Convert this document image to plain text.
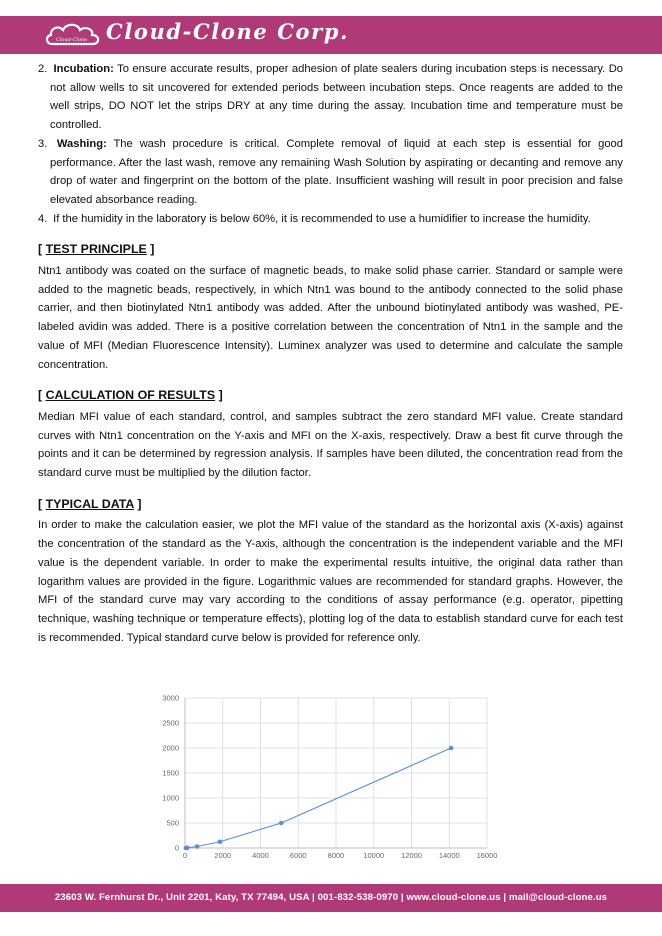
Cloud-Clone Cloud-Clone Corp.
2. Incubation: To ensure accurate results, proper adhesion of plate sealers during incubation steps is necessary. Do not allow wells to sit uncovered for extended periods between incubation steps. Once reagents are added to the well strips, DO NOT let the strips DRY at any time during the assay. Incubation time and temperature must be controlled.
3. Washing: The wash procedure is critical. Complete removal of liquid at each step is essential for good performance. After the last wash, remove any remaining Wash Solution by aspirating or decanting and remove any drop of water and fingerprint on the bottom of the plate. Insufficient washing will result in poor precision and false elevated absorbance reading.
4. If the humidity in the laboratory is below 60%, it is recommended to use a humidifier to increase the humidity.
[ TEST PRINCIPLE ]
Ntn1 antibody was coated on the surface of magnetic beads, to make solid phase carrier. Standard or sample were added to the magnetic beads, respectively, in which Ntn1 was bound to the antibody connected to the solid phase carrier, and then biotinylated Ntn1 antibody was added. After the unbound biotinylated antibody was washed, PE-labeled avidin was added. There is a positive correlation between the concentration of Ntn1 in the sample and the value of MFI (Median Fluorescence Intensity). Luminex analyzer was used to determine and calculate the sample concentration.
[ CALCULATION OF RESULTS ]
Median MFI value of each standard, control, and samples subtract the zero standard MFI value. Create standard curves with Ntn1 concentration on the Y-axis and MFI on the X-axis, respectively. Draw a best fit curve through the points and it can be determined by regression analysis. If samples have been diluted, the concentration read from the standard curve must be multiplied by the dilution factor.
[ TYPICAL DATA ]
In order to make the calculation easier, we plot the MFI value of the standard as the horizontal axis (X-axis) against the concentration of the standard as the Y-axis, although the concentration is the independent variable and the MFI value is the dependent variable. In order to make the experimental results intuitive, the original data rather than logarithm values are provided in the figure. Logarithmic values are recommended for standard graphs. However, the MFI of the standard curve may vary according to the conditions of assay performance (e.g. operator, pipetting technique, washing technique or temperature effects), plotting log of the data to establish standard curve for each test is recommended. Typical standard curve below is provided for reference only.
0
500
1000
1500
2000
2500
3000
0	2000	4000	6000	8000	10000 12000 14000 16000
23603 W. Fernhurst Dr., Unit 2201, Katy, TX 77494, USA | 001-832-538-0970 | www.cloud-clone.us | mail@cloud-clone.us
